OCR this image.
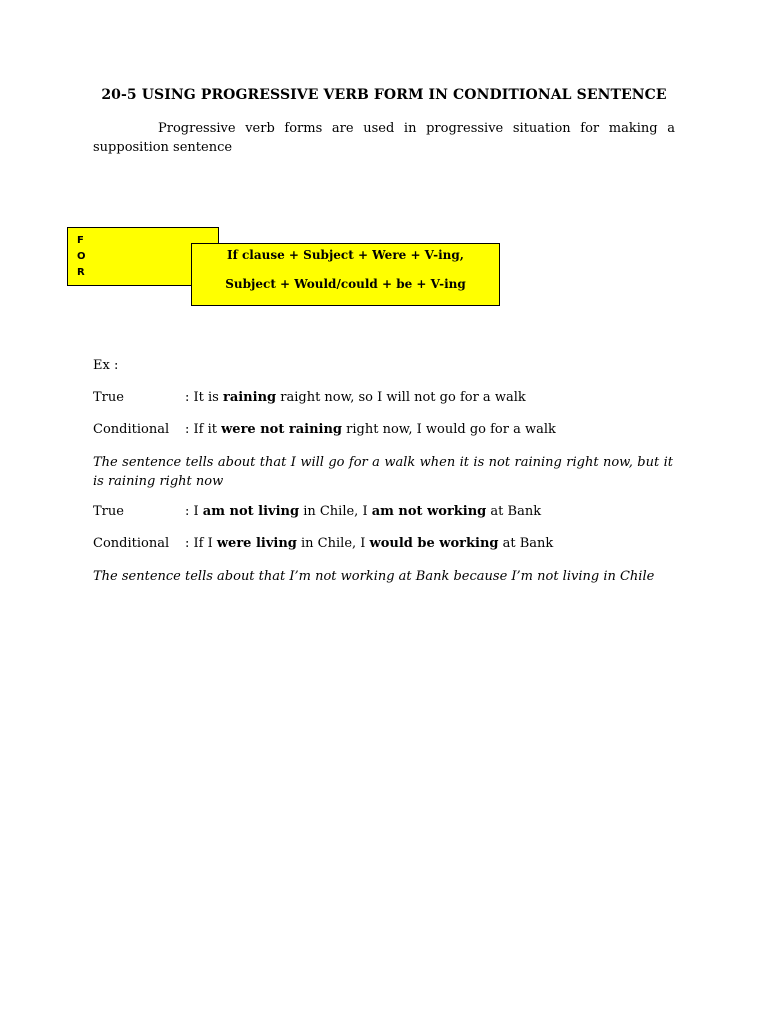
20-5 USING PROGRESSIVE VERB FORM IN CONDITIONAL SENTENCE
Progressive verb forms are used in progressive situation for making a supposition sentence
F
O
R
If clause + Subject + Were + V-ing,
Subject + Would/could + be + V-ing
Ex :
True	: It is raining raight now, so I will not go for a walk
Conditional : If it were not raining right now, I would go for a walk
The sentence tells about that I will go for a walk when it is not raining right now, but it is raining right now
True	: I am not living in Chile, I am not working at Bank
Conditional : If I were living in Chile, I would be working at Bank
The sentence tells about that I’m not working at Bank because I’m not living in Chile
